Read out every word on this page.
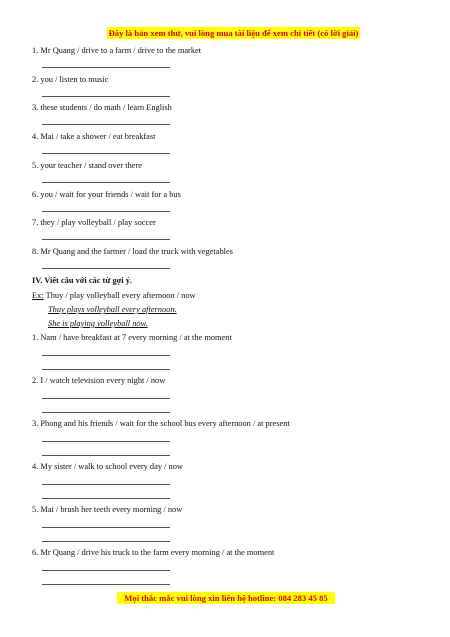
Đây là bản xem thử, vui lòng mua tài liệu để xem chi tiết (có lời giải)
1. Mr Quang / drive to a farm / drive to the market
2. you / listen to music
3. these students / do math / learn English
4. Mai / take a shower / eat breakfast
5. your teacher / stand over there
6. you / wait for your friends / wait for a bus
7. they / play volleyball / play soccer
8. Mr Quang and the farmer / load the truck with vegetables
IV. Viết câu với các từ gợi ý.
Ex: Thuy / play volleyball every afternoon / now
Thuy plays volleyball every afternoon.
She is playing volleyball now.
1. Nam / have breakfast at 7 every morning / at the moment
2. I / watch television every night / now
3. Phong and his friends / wait for the school bus every afternoon / at present
4. My sister / walk to school every day / now
5. Mai / brush her teeth every morning / now
6. Mr Quang / drive his truck to the farm every morning / at the moment
Mọi thắc mắc vui lòng xin liên hệ hotline: 084 283 45 85
